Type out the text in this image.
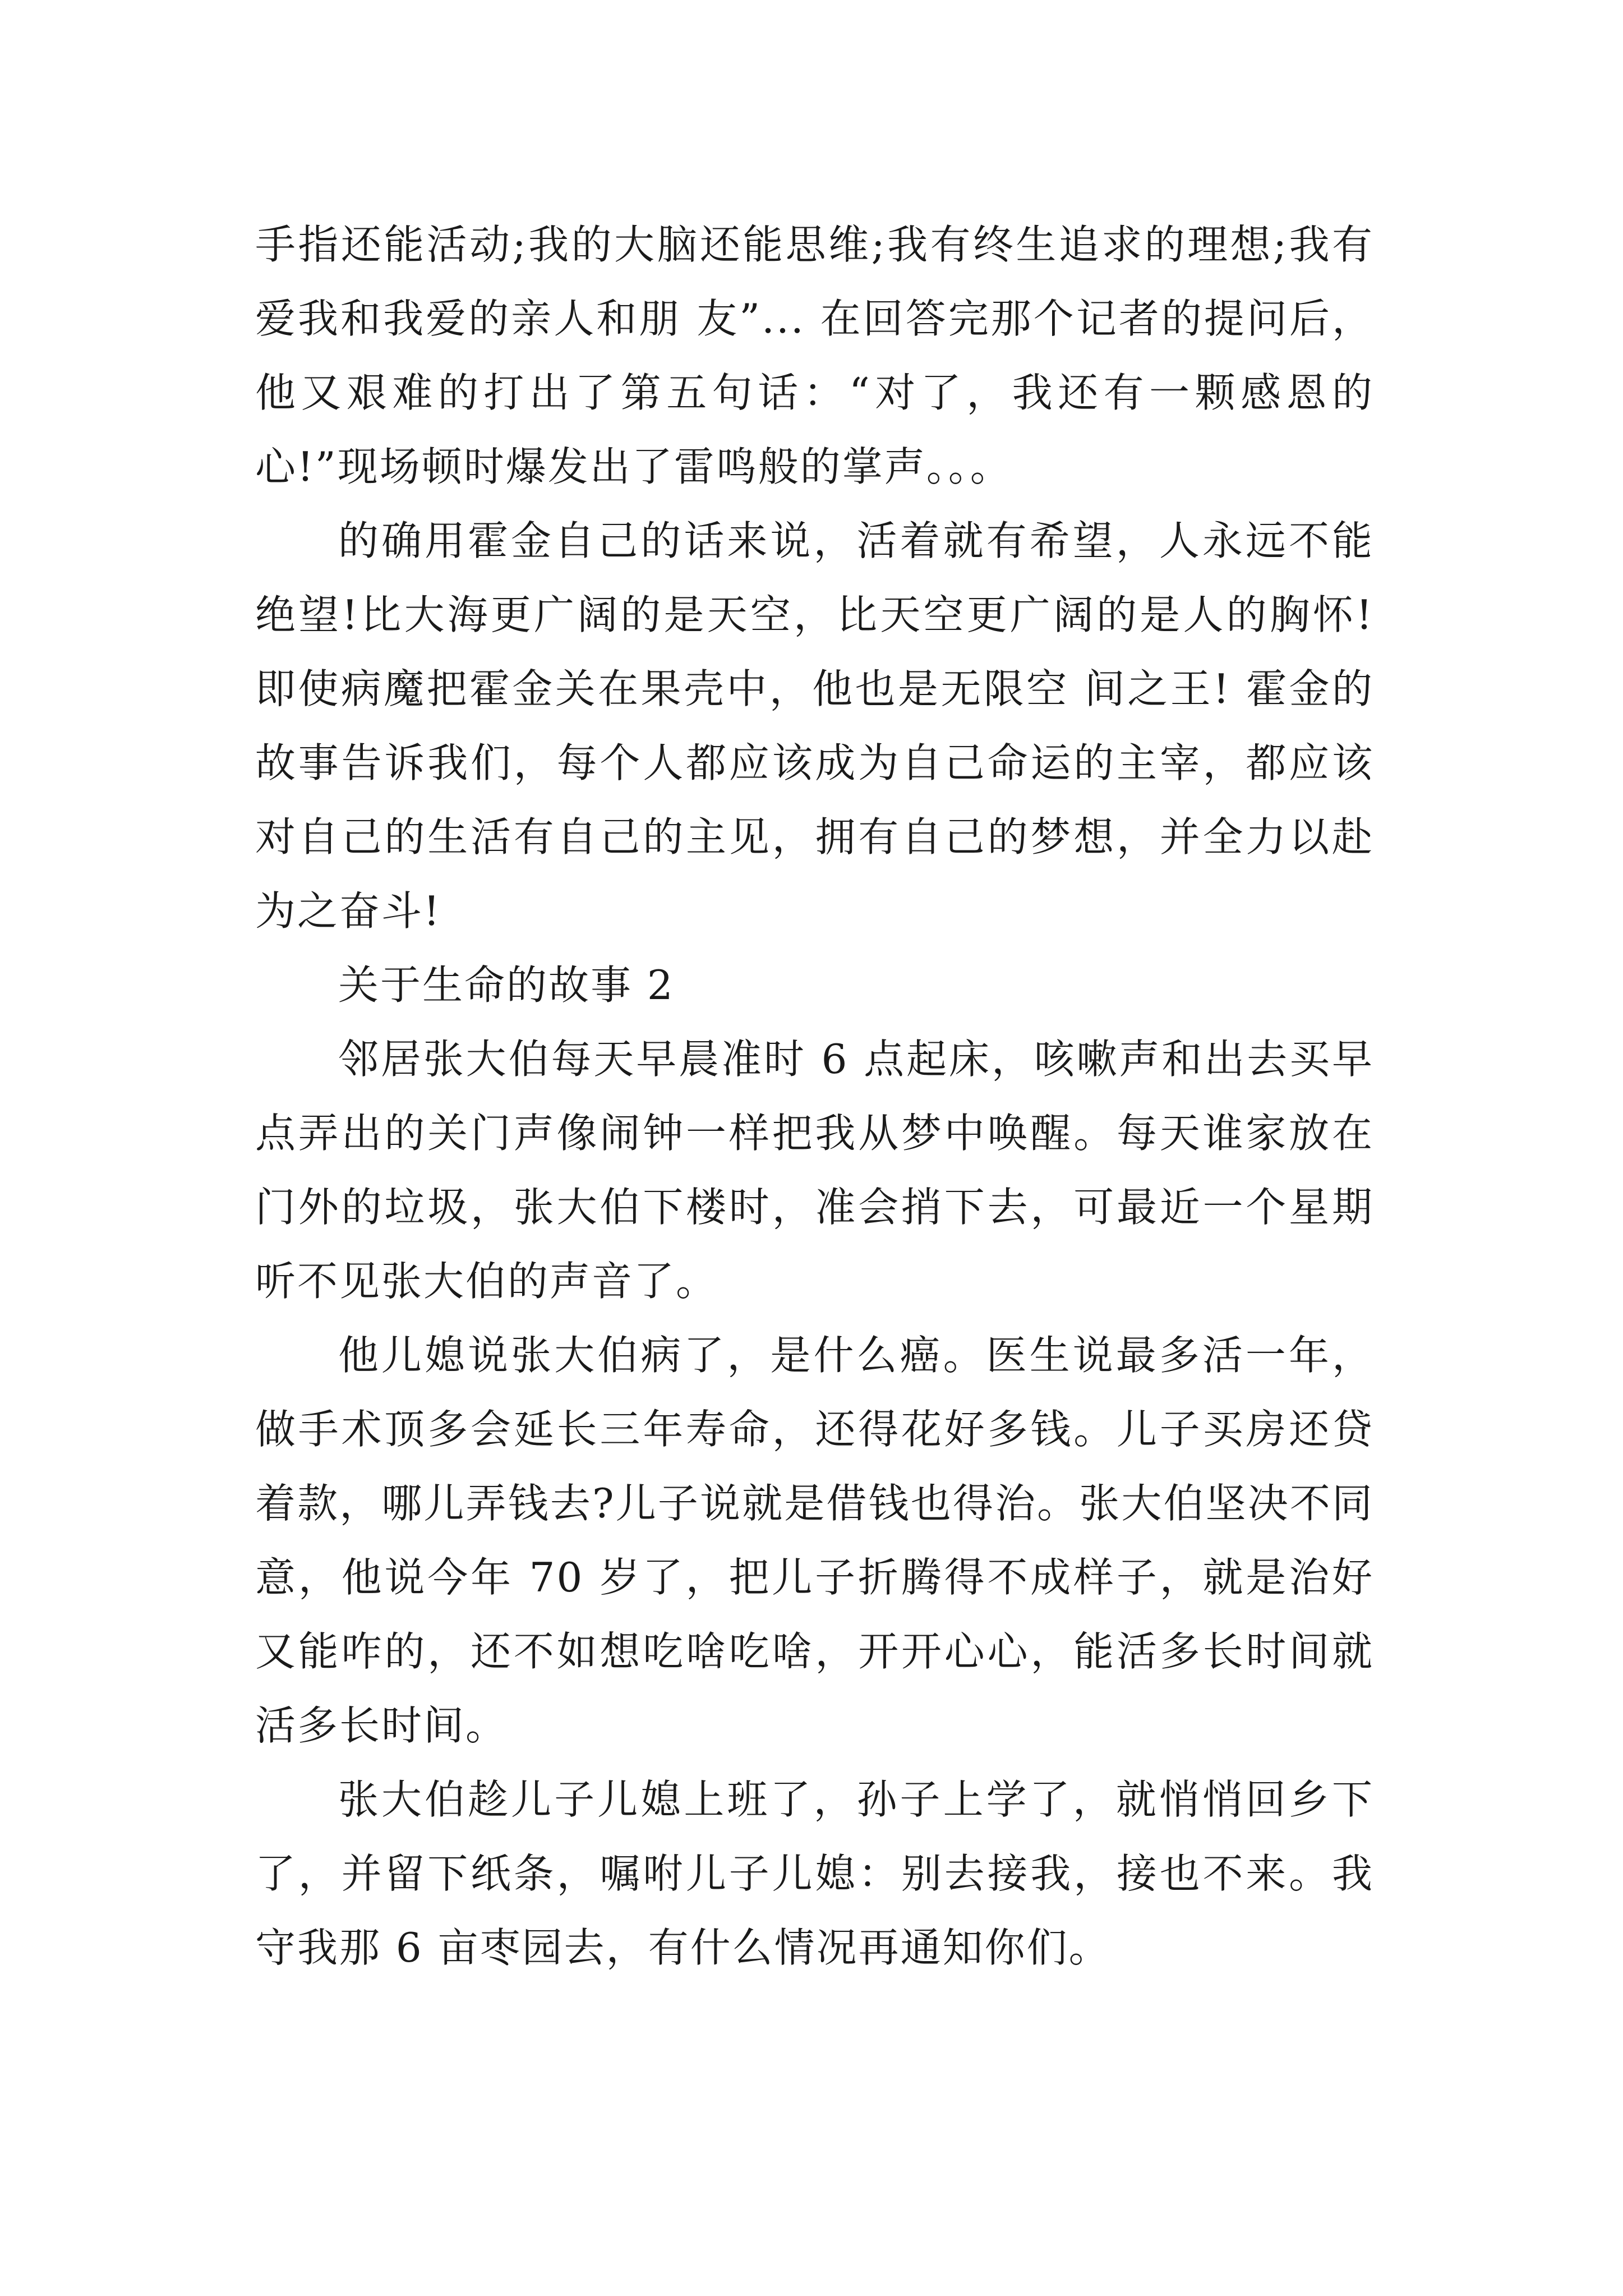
手指还能活动;我的大脑还能思维;我有终生追求的理想;我有爱我和我爱的亲人和朋 友”... 在回答完那个记者的提问后，他又艰难的打出了第五句话：“对了，我还有一颗感恩的心!”现场顿时爆发出了雷鸣般的掌声。。。

的确用霍金自己的话来说，活着就有希望，人永远不能绝望!比大海更广阔的是天空，比天空更广阔的是人的胸怀!即使病魔把霍金关在果壳中，他也是无限空 间之王! 霍金的故事告诉我们，每个人都应该成为自己命运的主宰，都应该对自己的生活有自己的主见，拥有自己的梦想，并全力以赴为之奋斗!

关于生命的故事 2

邻居张大伯每天早晨准时 6 点起床，咳嗽声和出去买早点弄出的关门声像闹钟一样把我从梦中唤醒。每天谁家放在门外的垃圾，张大伯下楼时，准会捎下去，可最近一个星期听不见张大伯的声音了。

他儿媳说张大伯病了，是什么癌。医生说最多活一年，做手术顶多会延长三年寿命，还得花好多钱。儿子买房还贷着款，哪儿弄钱去?儿子说就是借钱也得治。张大伯坚决不同意，他说今年 70 岁了，把儿子折腾得不成样子，就是治好又能咋的，还不如想吃啥吃啥，开开心心，能活多长时间就活多长时间。

张大伯趁儿子儿媳上班了，孙子上学了，就悄悄回乡下了，并留下纸条，嘱咐儿子儿媳：别去接我，接也不来。我守我那 6 亩枣园去，有什么情况再通知你们。
